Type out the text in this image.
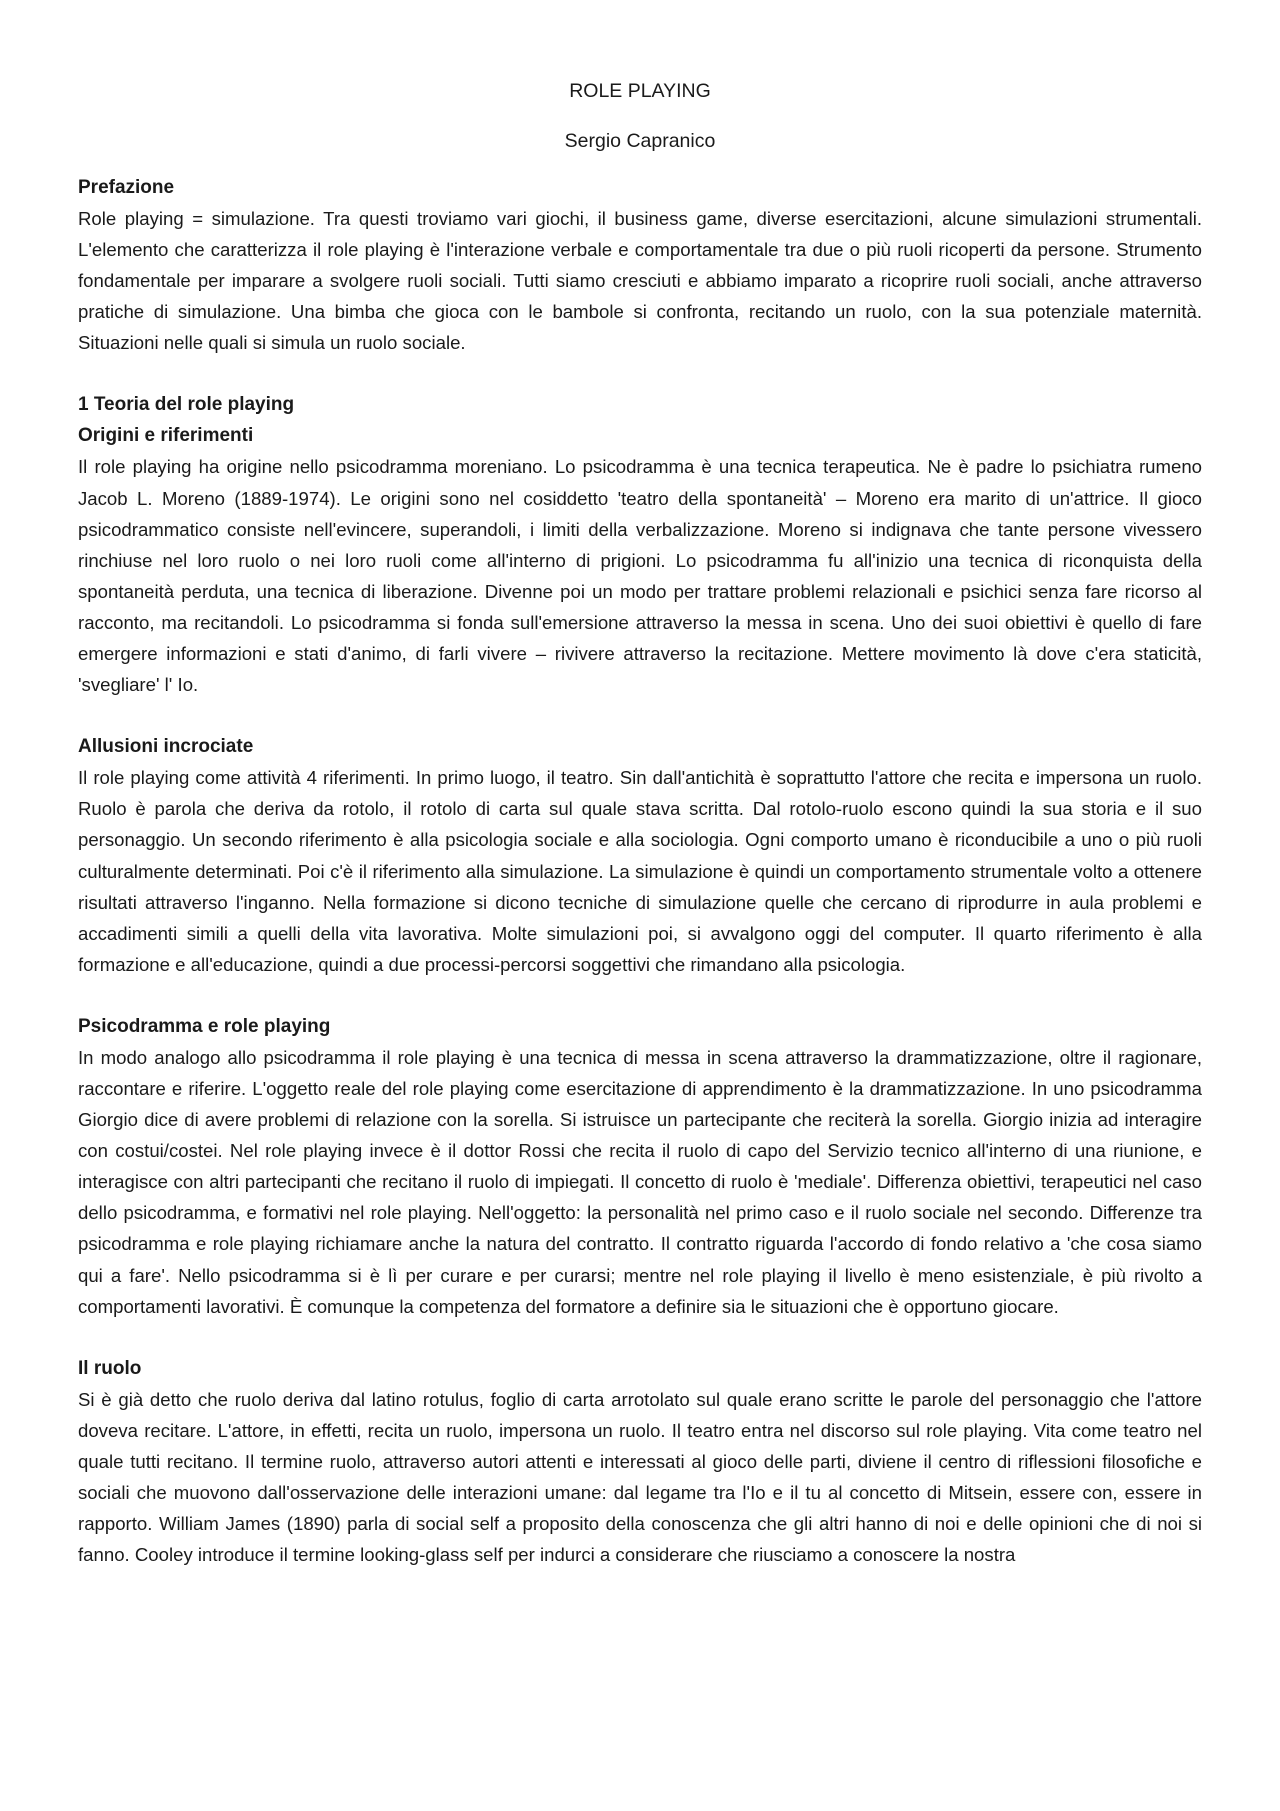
ROLE PLAYING
Sergio Capranico
Prefazione

Role playing = simulazione. Tra questi troviamo vari giochi, il business game, diverse esercitazioni, alcune simulazioni strumentali. L'elemento che caratterizza il role playing è l'interazione verbale e comportamentale tra due o più ruoli ricoperti da persone. Strumento fondamentale per imparare a svolgere ruoli sociali. Tutti siamo cresciuti e abbiamo imparato a ricoprire ruoli sociali, anche attraverso pratiche di simulazione. Una bimba che gioca con le bambole si confronta, recitando un ruolo, con la sua potenziale maternità. Situazioni nelle quali si simula un ruolo sociale.

1 Teoria del role playing
Origini e riferimenti

Il role playing ha origine nello psicodramma moreniano. Lo psicodramma è una tecnica terapeutica. Ne è padre lo psichiatra rumeno Jacob L. Moreno (1889-1974). Le origini sono nel cosiddetto 'teatro della spontaneità' – Moreno era marito di un'attrice. Il gioco psicodrammatico consiste nell'evincere, superandoli, i limiti della verbalizzazione. Moreno si indignava che tante persone vivessero rinchiuse nel loro ruolo o nei loro ruoli come all'interno di prigioni. Lo psicodramma fu all'inizio una tecnica di riconquista della spontaneità perduta, una tecnica di liberazione. Divenne poi un modo per trattare problemi relazionali e psichici senza fare ricorso al racconto, ma recitandoli. Lo psicodramma si fonda sull'emersione attraverso la messa in scena. Uno dei suoi obiettivi è quello di fare emergere informazioni e stati d'animo, di farli vivere – rivivere attraverso la recitazione. Mettere movimento là dove c'era staticità, 'svegliare' l' Io.

Allusioni incrociate

Il role playing come attività 4 riferimenti. In primo luogo, il teatro. Sin dall'antichità è soprattutto l'attore che recita e impersona un ruolo. Ruolo è parola che deriva da rotolo, il rotolo di carta sul quale stava scritta. Dal rotolo-ruolo escono quindi la sua storia e il suo personaggio. Un secondo riferimento è alla psicologia sociale e alla sociologia. Ogni comporto umano è riconducibile a uno o più ruoli culturalmente determinati. Poi c'è il riferimento alla simulazione. La simulazione è quindi un comportamento strumentale volto a ottenere risultati attraverso l'inganno. Nella formazione si dicono tecniche di simulazione quelle che cercano di riprodurre in aula problemi e accadimenti simili a quelli della vita lavorativa. Molte simulazioni poi, si avvalgono oggi del computer. Il quarto riferimento è alla formazione e all'educazione, quindi a due processi-percorsi soggettivi che rimandano alla psicologia.

Psicodramma e role playing

In modo analogo allo psicodramma il role playing è una tecnica di messa in scena attraverso la drammatizzazione, oltre il ragionare, raccontare e riferire. L'oggetto reale del role playing come esercitazione di apprendimento è la drammatizzazione. In uno psicodramma Giorgio dice di avere problemi di relazione con la sorella. Si istruisce un partecipante che reciterà la sorella. Giorgio inizia ad interagire con costui/costei. Nel role playing invece è il dottor Rossi che recita il ruolo di capo del Servizio tecnico all'interno di una riunione, e interagisce con altri partecipanti che recitano il ruolo di impiegati. Il concetto di ruolo è 'mediale'. Differenza obiettivi, terapeutici nel caso dello psicodramma, e formativi nel role playing. Nell'oggetto: la personalità nel primo caso e il ruolo sociale nel secondo. Differenze tra psicodramma e role playing richiamare anche la natura del contratto. Il contratto riguarda l'accordo di fondo relativo a 'che cosa siamo qui a fare'. Nello psicodramma si è lì per curare e per curarsi; mentre nel role playing il livello è meno esistenziale, è più rivolto a comportamenti lavorativi. È comunque la competenza del formatore a definire sia le situazioni che è opportuno giocare.

Il ruolo

Si è già detto che ruolo deriva dal latino rotulus, foglio di carta arrotolato sul quale erano scritte le parole del personaggio che l'attore doveva recitare. L'attore, in effetti, recita un ruolo, impersona un ruolo. Il teatro entra nel discorso sul role playing. Vita come teatro nel quale tutti recitano. Il termine ruolo, attraverso autori attenti e interessati al gioco delle parti, diviene il centro di riflessioni filosofiche e sociali che muovono dall'osservazione delle interazioni umane: dal legame tra l'Io e il tu al concetto di Mitsein, essere con, essere in rapporto. William James (1890) parla di social self a proposito della conoscenza che gli altri hanno di noi e delle opinioni che di noi si fanno. Cooley introduce il termine looking-glass self per indurci a considerare che riusciamo a conoscere la nostra
